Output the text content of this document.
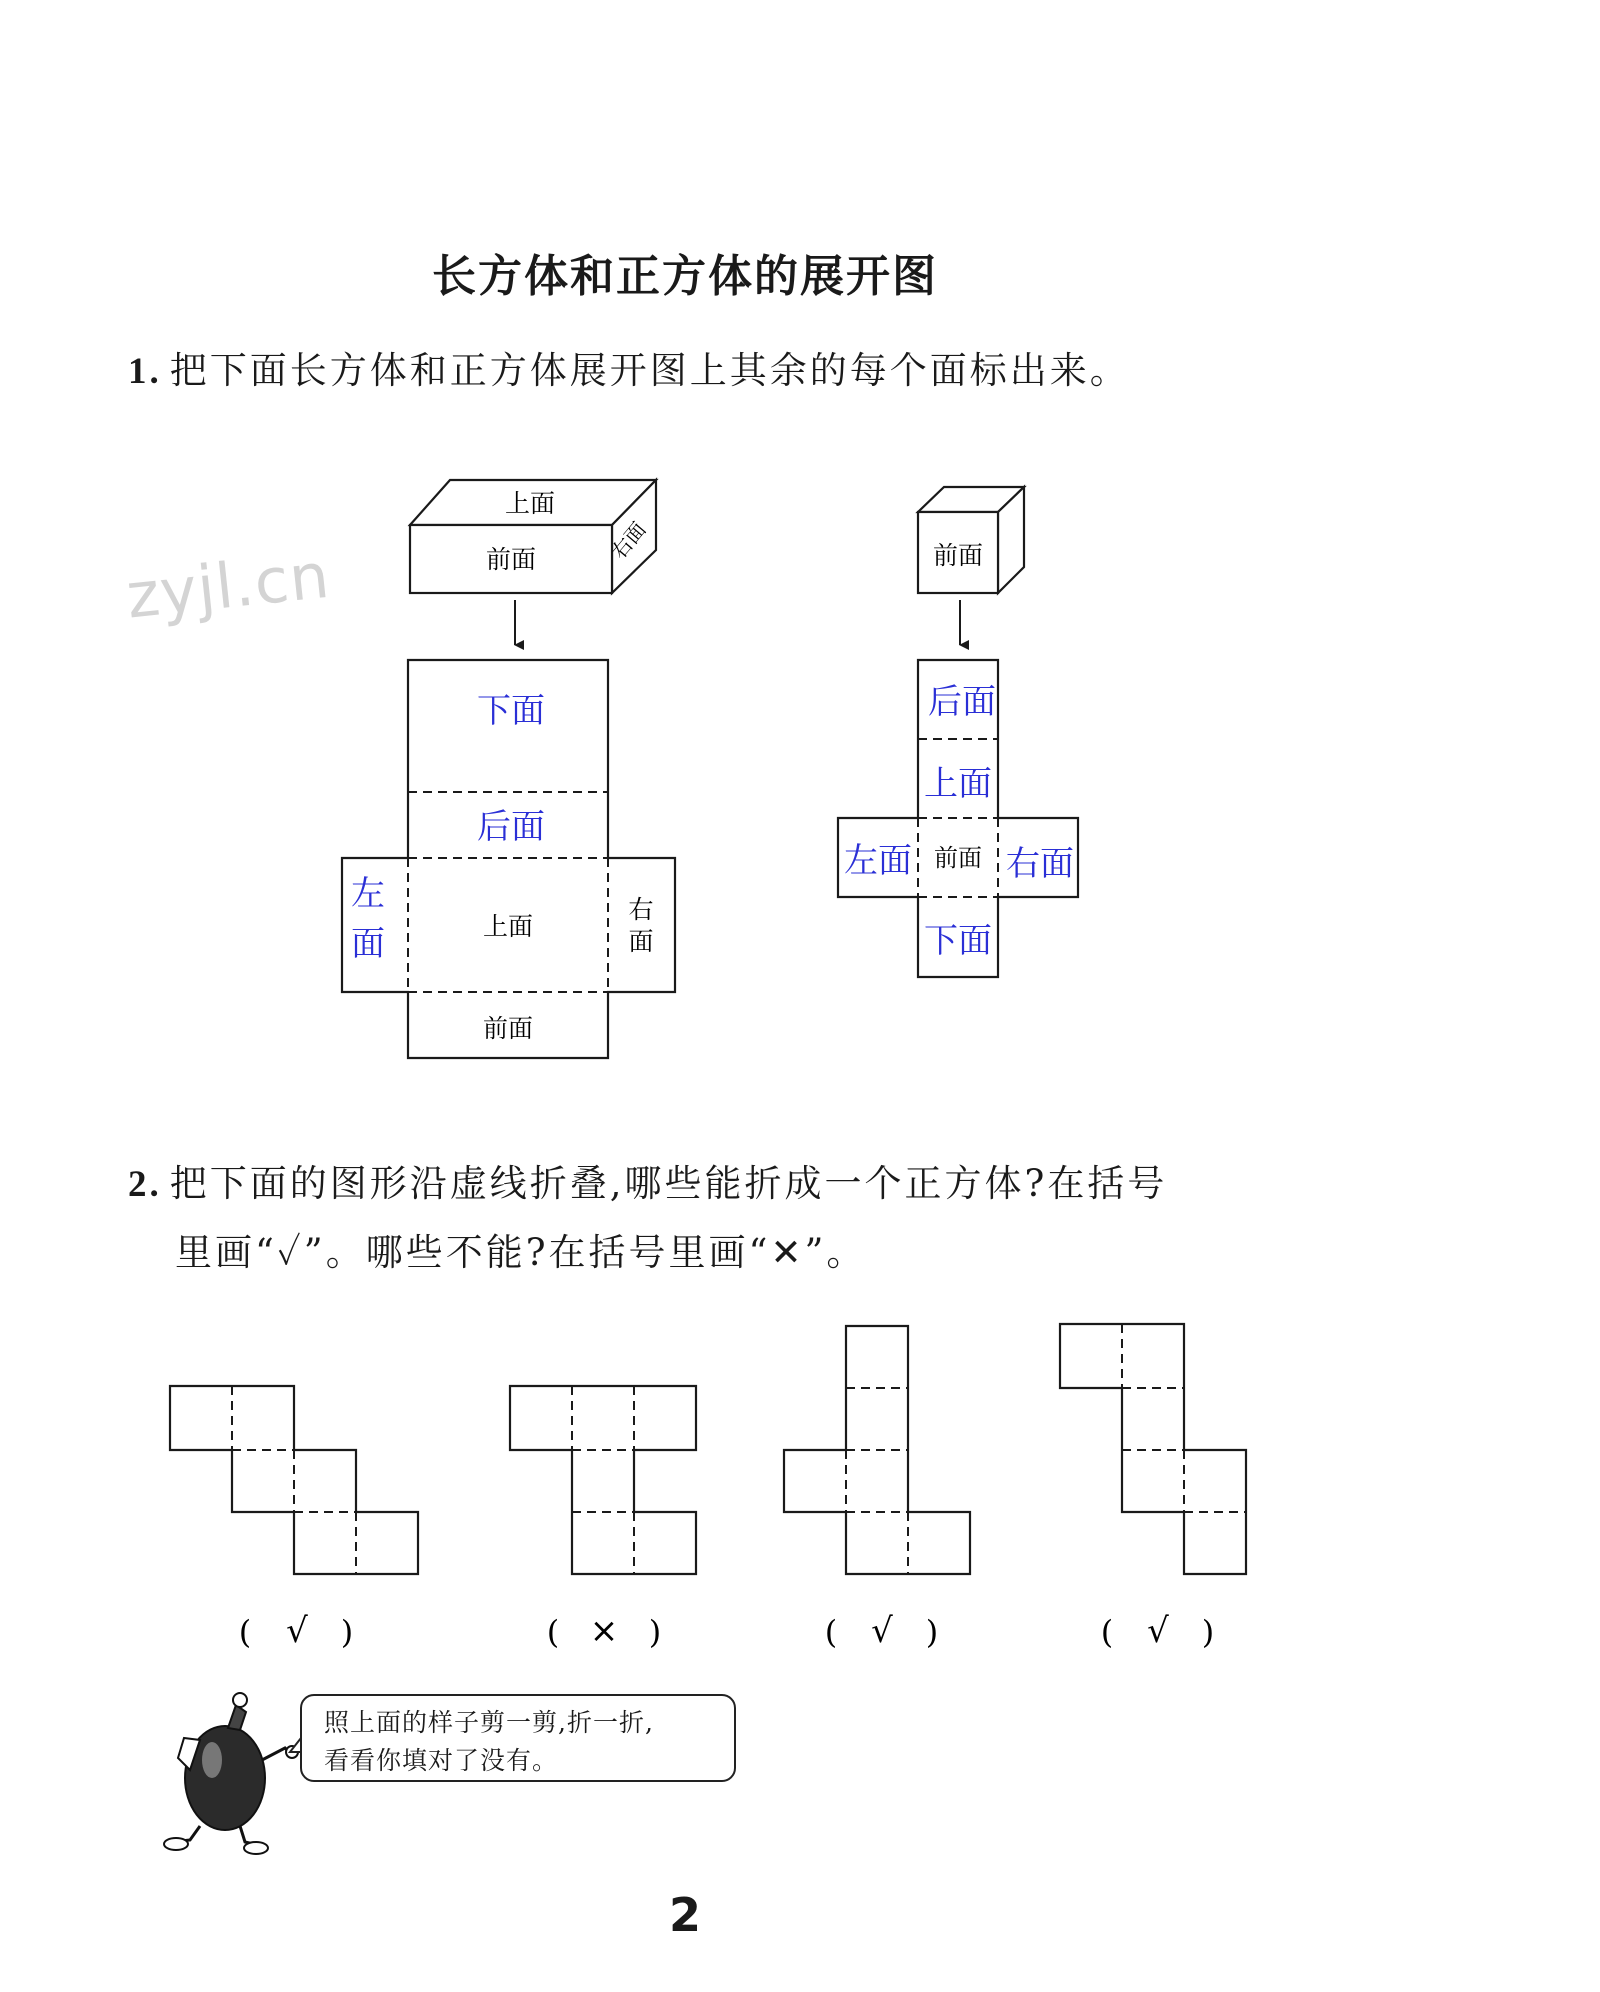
长方体和正方体的展开图
1. 把下面长方体和正方体展开图上其余的每个面标出来。
zyjl.cn
上面
前面	右面
下面
后面
左
面	上面
右
面
前面
前面
后面
上面
左面 前面 右面
下面
( √ )	( × )	( √ )	( √ )
2. 把下面的图形沿虚线折叠,哪些能折成一个正方体?在括号
里画“✓”。哪些不能?在括号里画“✕”。
照上面的样子剪一剪,折一折,
看看你填对了没有。
2
